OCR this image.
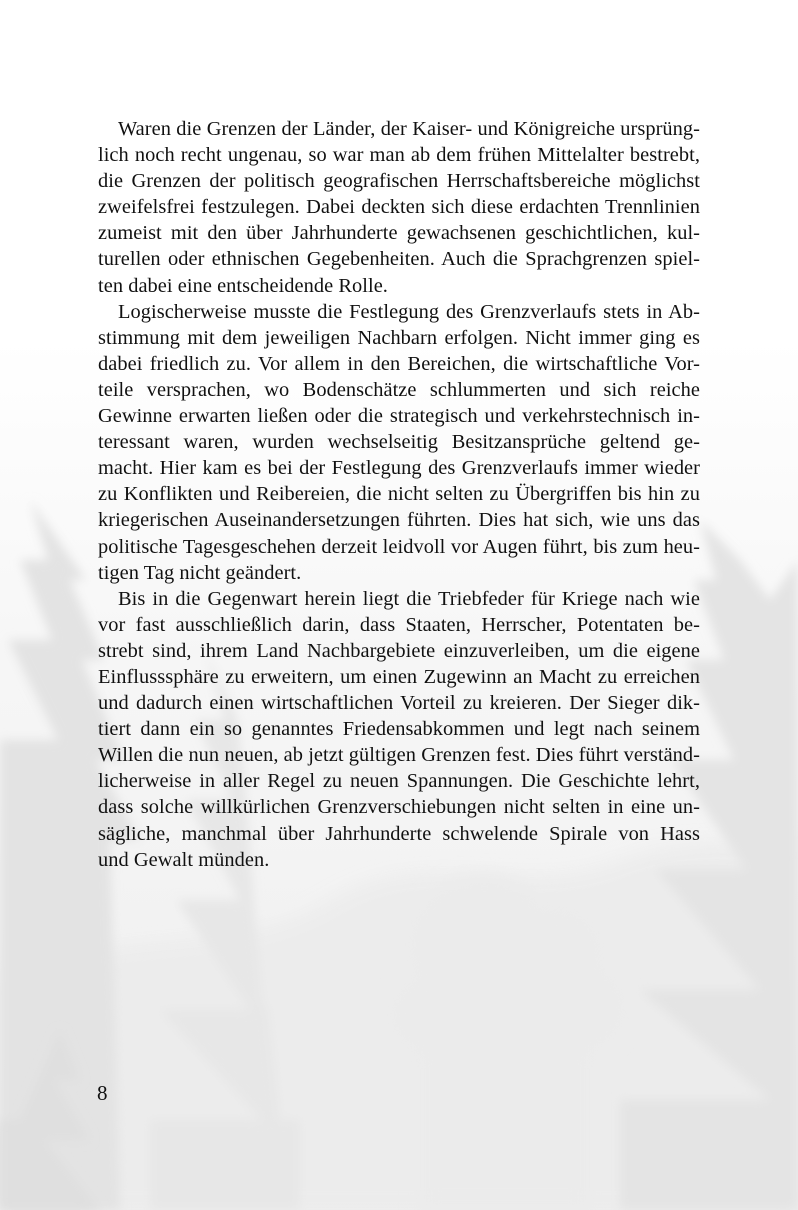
Waren die Grenzen der Länder, der Kaiser- und Königreiche ursprüng-
lich noch recht ungenau, so war man ab dem frühen Mittelalter bestrebt,
die Grenzen der politisch geografischen Herrschaftsbereiche möglichst
zweifelsfrei festzulegen. Dabei deckten sich diese erdachten Trennlinien
zumeist mit den über Jahrhunderte gewachsenen geschichtlichen, kul-
turellen oder ethnischen Gegebenheiten. Auch die Sprachgrenzen spiel-
ten dabei eine entscheidende Rolle.
Logischerweise musste die Festlegung des Grenzverlaufs stets in Ab-
stimmung mit dem jeweiligen Nachbarn erfolgen. Nicht immer ging es
dabei friedlich zu. Vor allem in den Bereichen, die wirtschaftliche Vor-
teile versprachen, wo Bodenschätze schlummerten und sich reiche
Gewinne erwarten ließen oder die strategisch und verkehrstechnisch in-
teressant waren, wurden wechselseitig Besitzansprüche geltend ge-
macht. Hier kam es bei der Festlegung des Grenzverlaufs immer wieder
zu Konflikten und Reibereien, die nicht selten zu Übergriffen bis hin zu
kriegerischen Auseinandersetzungen führten. Dies hat sich, wie uns das
politische Tagesgeschehen derzeit leidvoll vor Augen führt, bis zum heu-
tigen Tag nicht geändert.
Bis in die Gegenwart herein liegt die Triebfeder für Kriege nach wie
vor fast ausschließlich darin, dass Staaten, Herrscher, Potentaten be-
strebt sind, ihrem Land Nachbargebiete einzuverleiben, um die eigene
Einflusssphäre zu erweitern, um einen Zugewinn an Macht zu erreichen
und dadurch einen wirtschaftlichen Vorteil zu kreieren. Der Sieger dik-
tiert dann ein so genanntes Friedensabkommen und legt nach seinem
Willen die nun neuen, ab jetzt gültigen Grenzen fest. Dies führt verständ-
licherweise in aller Regel zu neuen Spannungen. Die Geschichte lehrt,
dass solche willkürlichen Grenzverschiebungen nicht selten in eine un-
sägliche, manchmal über Jahrhunderte schwelende Spirale von Hass
und Gewalt münden.
8
